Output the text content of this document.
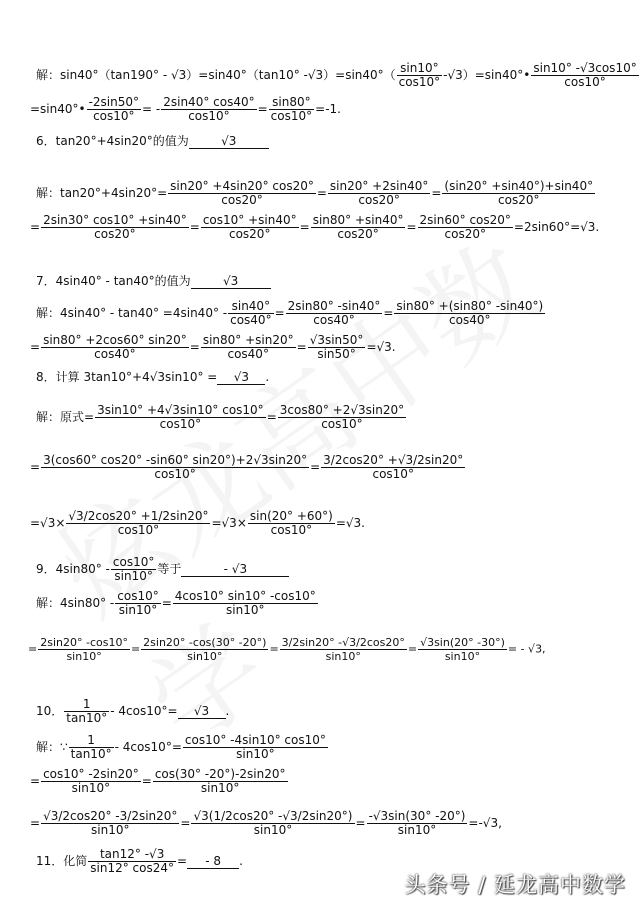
解：sin40°（tan190° - √3）=sin40°（tan10° $-√3)=\sin 40^\circ( \frac{\sin 10^\circ}{\cos 10^\circ}$ -√3）=sin40°• $\frac{\sin 10^\circ -√3\cos 10^\circ}{\cos 10^\circ}$
=sin40°• $\frac{-2\sin 50^\circ}{\cos 10^\circ}$ = - $\frac{2\sin 40^\circ \cos 40^\circ}{\cos 10^\circ} = \frac{\sin 80^\circ}{\cos 10^\circ} =-1$.
6．tan20°+4sin20°的值为	√3
解：$\tan 20^\circ+4\sin 20^\circ= \frac{\sin 20^\circ +4\sin 20^\circ \cos 20^\circ}{\cos 20^\circ} = \frac{\sin 20^\circ +2\sin 40^\circ}{\cos 20^\circ} = \frac{(\sin 20^\circ +\sin 40^\circ)+\sin 40^\circ}{\cos 20^\circ}$
= $\frac{2\sin 30^\circ \cos 10^\circ +\sin 40^\circ}{\cos 20^\circ} = \frac{\cos 10^\circ +\sin 40^\circ}{\cos 20^\circ} = \frac{\sin 80^\circ +\sin 40^\circ}{\cos 20^\circ} = \frac{2\sin 60^\circ \cos 20^\circ}{\cos 20^\circ} =2\sin 60^\circ=√3$.
7．4sin40° - tan40°的值为	√3
解：$4\sin 40^\circ - \tan 40^\circ =4\sin 40^\circ - \frac{\sin 40^\circ}{\cos 40^\circ} = \frac{2\sin 80^\circ -\sin 40^\circ}{\cos 40^\circ} = \frac{\sin 80^\circ +(\sin 80^\circ -\sin 40^\circ)}{\cos 40^\circ}$
= $\frac{\sin 80^\circ +2\cos 60^\circ \sin 20^\circ}{\cos 40^\circ} = \frac{\sin 80^\circ +\sin 20^\circ}{\cos 40^\circ} = \frac{√3\sin 50^\circ}{\sin 50^\circ} =√3$.
8．计算 3tan10°+4√3sin10° = √3 .
解：原式= $\frac{3\sin 10^\circ +4√3\sin 10^\circ \cos 10^\circ}{\cos 10^\circ} = \frac{3\cos 80^\circ +2√3\sin 20^\circ}{\cos 10^\circ}$
= $\frac{3(\cos 60^\circ \cos 20^\circ -\sin 60^\circ \sin 20^\circ)+2√3\sin 20^\circ}{\cos 10^\circ} = \frac{3/2\cos 20^\circ +√3/2\sin 20^\circ}{\cos 10^\circ}$
$=√3\times \frac{√3/2\cos 20^\circ +1/2\sin 20^\circ}{\cos 10^\circ} =√3\times \frac{\sin(20^\circ +60^\circ)}{\cos 10^\circ} =√3$.
9．$4\sin 80^\circ - \frac{\cos 10^\circ}{\sin 10^\circ}$ 等于	- √3
解：$4\sin 80^\circ - \frac{\cos 10^\circ}{\sin 10^\circ} = \frac{4\cos 10^\circ \sin 10^\circ -\cos 10^\circ}{\sin 10^\circ}$
= $\frac{2\sin 20^\circ -\cos 10^\circ}{\sin 10^\circ} = \frac{2\sin 20^\circ -\cos(30^\circ -20^\circ)}{\sin 10^\circ} = \frac{3/2\sin 20^\circ -√3/2\cos 20^\circ}{\sin 10^\circ} = \frac{√3\sin(20^\circ -30^\circ)}{\sin 10^\circ}$ = - √3,
10． $\frac{1}{\tan 10^\circ} - 4\cos 10^\circ= √3$ .
解：∵ $\frac{1}{\tan 10^\circ} - 4\cos 10^\circ= \frac{\cos 10^\circ -4\sin 10^\circ \cos 10^\circ}{\sin 10^\circ}$
= $\frac{\cos 10^\circ -2\sin 20^\circ}{\sin 10^\circ} = \frac{\cos(30^\circ -20^\circ)-2\sin 20^\circ}{\sin 10^\circ}$
= $\frac{√3/2\cos 20^\circ -3/2\sin 20^\circ}{\sin 10^\circ} = \frac{√3(1/2\cos 20^\circ -√3/2\sin 20^\circ)}{\sin 10^\circ} = \frac{-√3\sin(30^\circ -20^\circ)}{\sin 10^\circ} =-√3$,
11．化简 $\frac{\tan 12^\circ -√3}{\sin 12^\circ \cos 24^\circ}$ = - 8 .
头条号 / 延龙高中数学
